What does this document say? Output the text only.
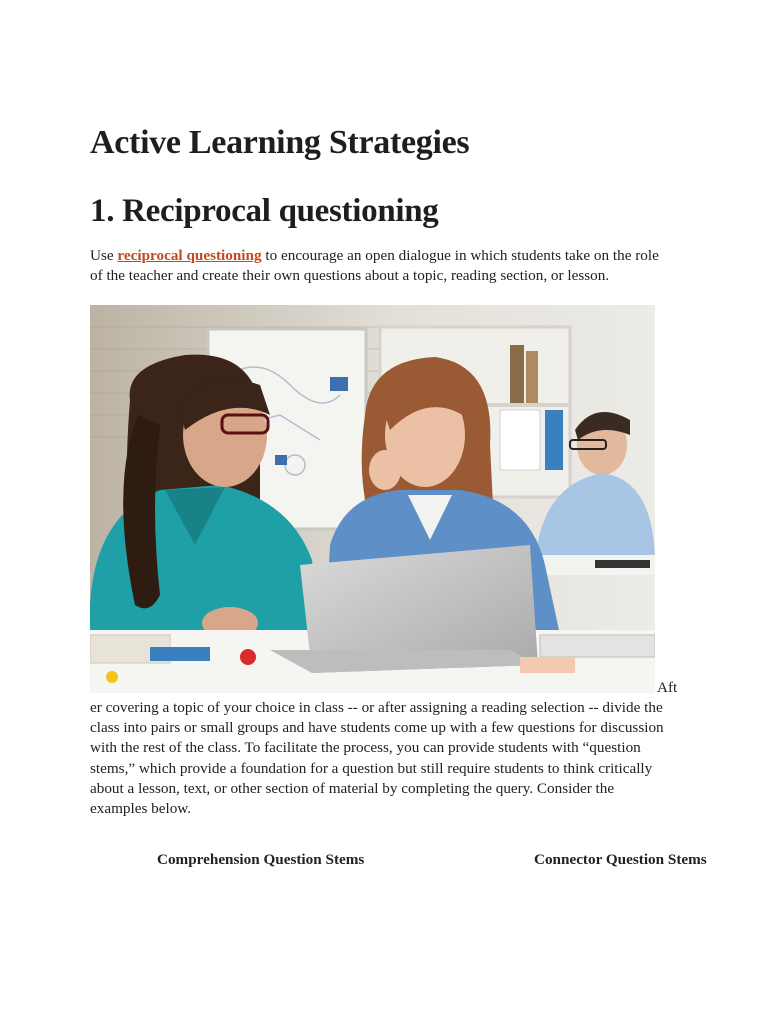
Active Learning Strategies
1. Reciprocal questioning

Use reciprocal questioning to encourage an open dialogue in which students take on the role of the teacher and create their own questions about a topic, reading section, or lesson.

Aft

er covering a topic of your choice in class -- or after assigning a reading selection -- divide the class into pairs or small groups and have students come up with a few questions for discussion with the rest of the class. To facilitate the process, you can provide students with “question stems,” which provide a foundation for a question but still require students to think critically about a lesson, text, or other section of material by completing the query. Consider the examples below.

Comprehension Question Stems	Connector Question Stems
